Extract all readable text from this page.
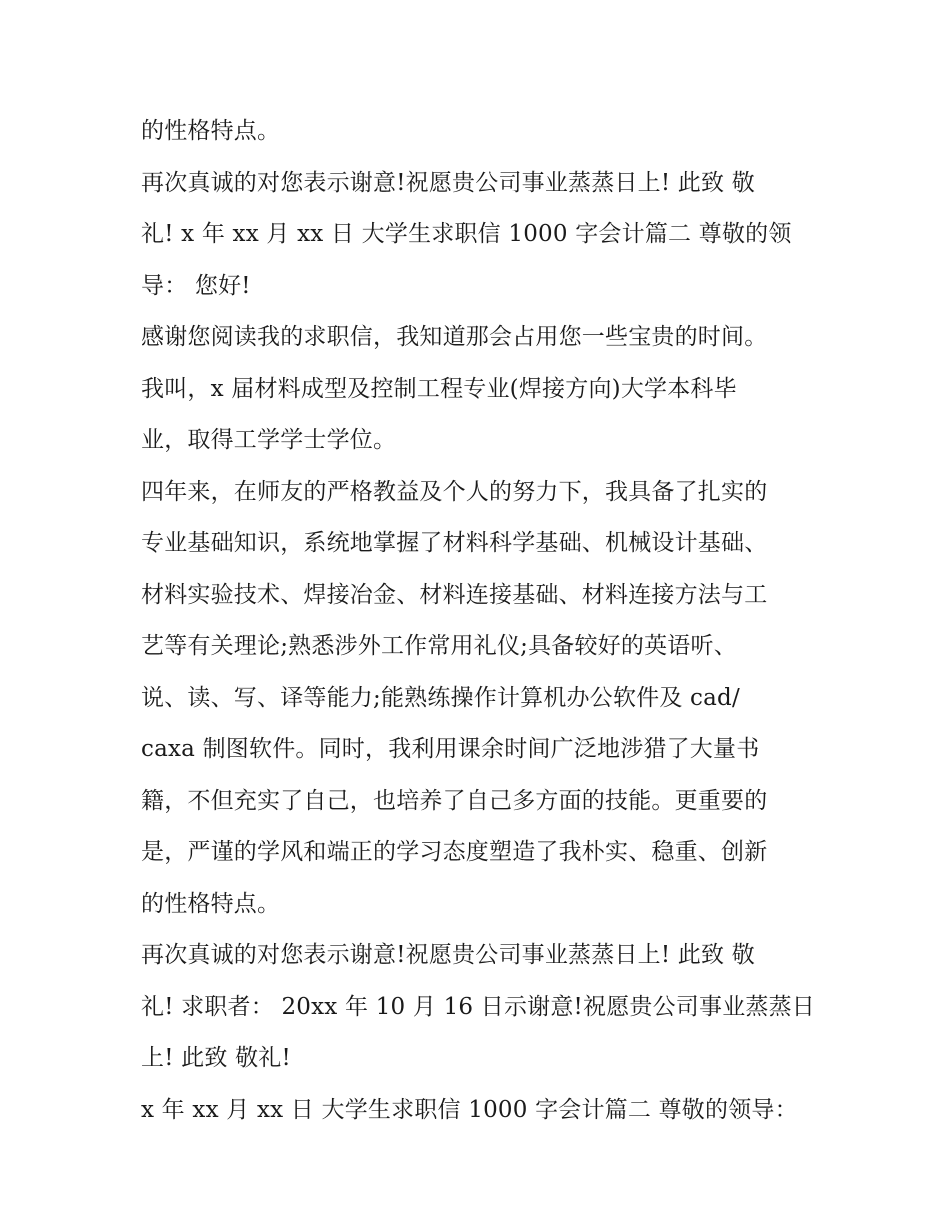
的性格特点。
再次真诚的对您表示谢意!祝愿贵公司事业蒸蒸日上! 此致 敬
礼! x 年 xx 月 xx 日 大学生求职信 1000 字会计篇二 尊敬的领
导： 您好!
感谢您阅读我的求职信，我知道那会占用您一些宝贵的时间。
我叫，x 届材料成型及控制工程专业(焊接方向)大学本科毕
业，取得工学学士学位。
四年来，在师友的严格教益及个人的努力下，我具备了扎实的
专业基础知识，系统地掌握了材料科学基础、机械设计基础、
材料实验技术、焊接冶金、材料连接基础、材料连接方法与工
艺等有关理论;熟悉涉外工作常用礼仪;具备较好的英语听、
说、读、写、译等能力;能熟练操作计算机办公软件及 cad/
caxa 制图软件。同时，我利用课余时间广泛地涉猎了大量书
籍，不但充实了自己，也培养了自己多方面的技能。更重要的
是，严谨的学风和端正的学习态度塑造了我朴实、稳重、创新
的性格特点。
再次真诚的对您表示谢意!祝愿贵公司事业蒸蒸日上! 此致 敬
礼! 求职者： 20xx 年 10 月 16 日示谢意!祝愿贵公司事业蒸蒸日
上! 此致 敬礼!
x 年 xx 月 xx 日 大学生求职信 1000 字会计篇二 尊敬的领导：
